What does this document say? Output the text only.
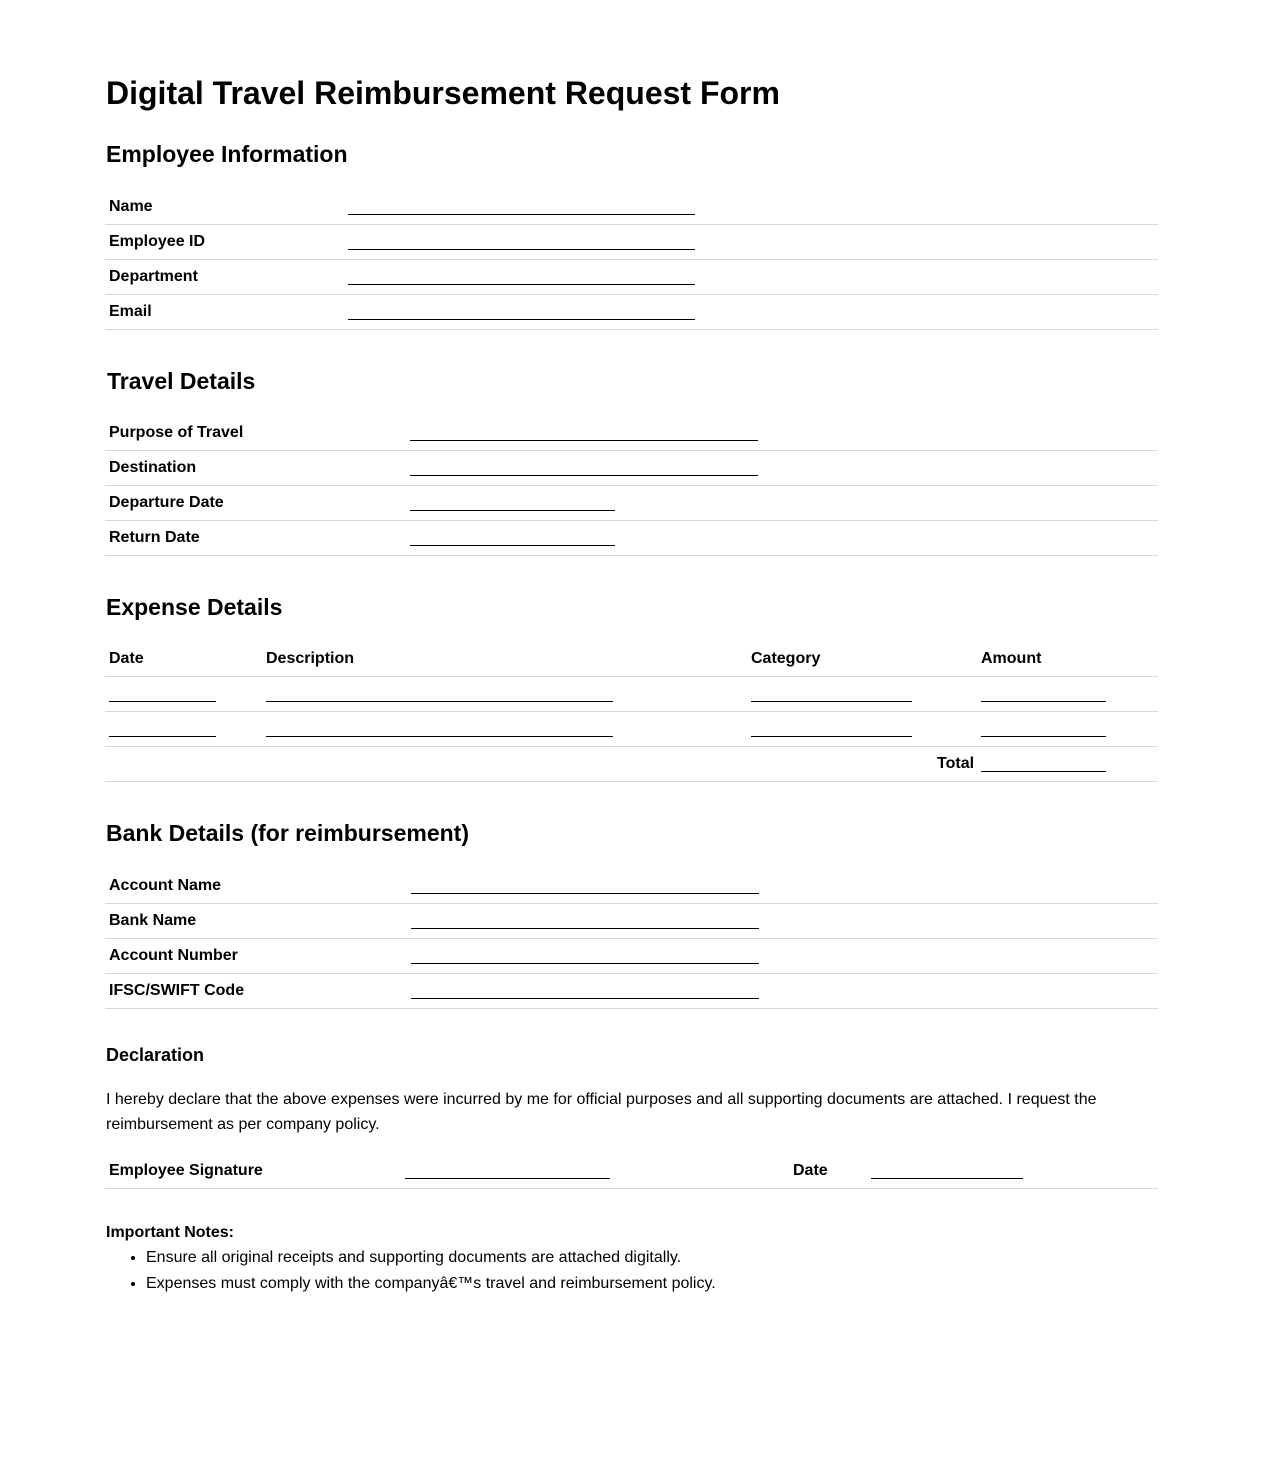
Digital Travel Reimbursement Request Form
Employee Information
Name
Employee ID
Department
Email
Travel Details
Purpose of Travel
Destination
Departure Date
Return Date
Expense Details
Date	Description	Category	Amount
Total
Bank Details (for reimbursement)
Account Name
Bank Name
Account Number
IFSC/SWIFT Code
Declaration
I hereby declare that the above expenses were incurred by me for official purposes and all supporting documents are attached. I request the reimbursement as per company policy.
Employee Signature	Date
Important Notes:
• Ensure all original receipts and supporting documents are attached digitally.
• Expenses must comply with the companyâ€™s travel and reimbursement policy.
